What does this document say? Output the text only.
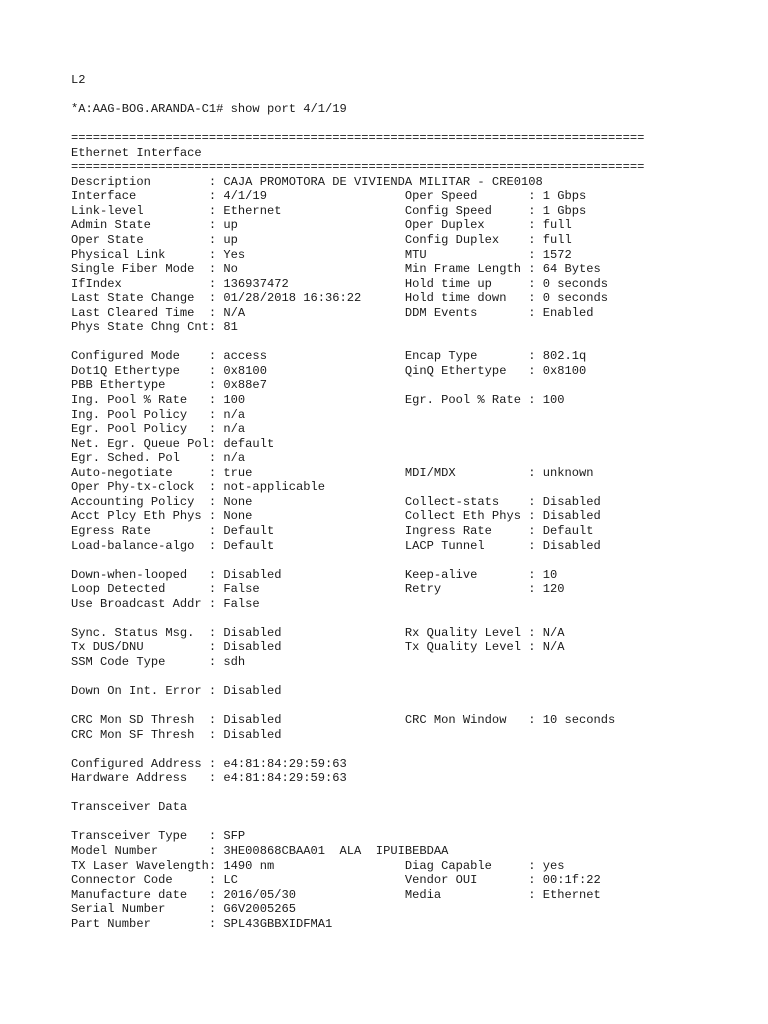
L2
*A:AAG-BOG.ARANDA-C1# show port 4/1/19
===============================================================================
Ethernet Interface
===============================================================================
Description        : CAJA PROMOTORA DE VIVIENDA MILITAR - CRE0108
Interface          : 4/1/19                   Oper Speed       : 1 Gbps
Link-level         : Ethernet                 Config Speed     : 1 Gbps
Admin State        : up                       Oper Duplex      : full
Oper State         : up                       Config Duplex    : full
Physical Link      : Yes                      MTU              : 1572
Single Fiber Mode  : No                       Min Frame Length : 64 Bytes
IfIndex            : 136937472                Hold time up     : 0 seconds
Last State Change  : 01/28/2018 16:36:22      Hold time down   : 0 seconds
Last Cleared Time  : N/A                      DDM Events       : Enabled
Phys State Chng Cnt: 81
Configured Mode    : access                   Encap Type       : 802.1q
Dot1Q Ethertype    : 0x8100                   QinQ Ethertype   : 0x8100
PBB Ethertype      : 0x88e7
Ing. Pool % Rate   : 100                      Egr. Pool % Rate : 100
Ing. Pool Policy   : n/a
Egr. Pool Policy   : n/a
Net. Egr. Queue Pol: default
Egr. Sched. Pol    : n/a
Auto-negotiate     : true                     MDI/MDX          : unknown
Oper Phy-tx-clock  : not-applicable
Accounting Policy  : None                     Collect-stats    : Disabled
Acct Plcy Eth Phys : None                     Collect Eth Phys : Disabled
Egress Rate        : Default                  Ingress Rate     : Default
Load-balance-algo  : Default                  LACP Tunnel      : Disabled
Down-when-looped   : Disabled                 Keep-alive       : 10
Loop Detected      : False                    Retry            : 120
Use Broadcast Addr : False
Sync. Status Msg.  : Disabled                 Rx Quality Level : N/A
Tx DUS/DNU         : Disabled                 Tx Quality Level : N/A
SSM Code Type      : sdh
Down On Int. Error : Disabled
CRC Mon SD Thresh  : Disabled                 CRC Mon Window   : 10 seconds
CRC Mon SF Thresh  : Disabled
Configured Address : e4:81:84:29:59:63
Hardware Address   : e4:81:84:29:59:63
Transceiver Data
Transceiver Type   : SFP
Model Number       : 3HE00868CBAA01  ALA  IPUIBEBDAA
TX Laser Wavelength: 1490 nm                  Diag Capable     : yes
Connector Code     : LC                       Vendor OUI       : 00:1f:22
Manufacture date   : 2016/05/30               Media            : Ethernet
Serial Number      : G6V2005265
Part Number        : SPL43GBBXIDFMA1
